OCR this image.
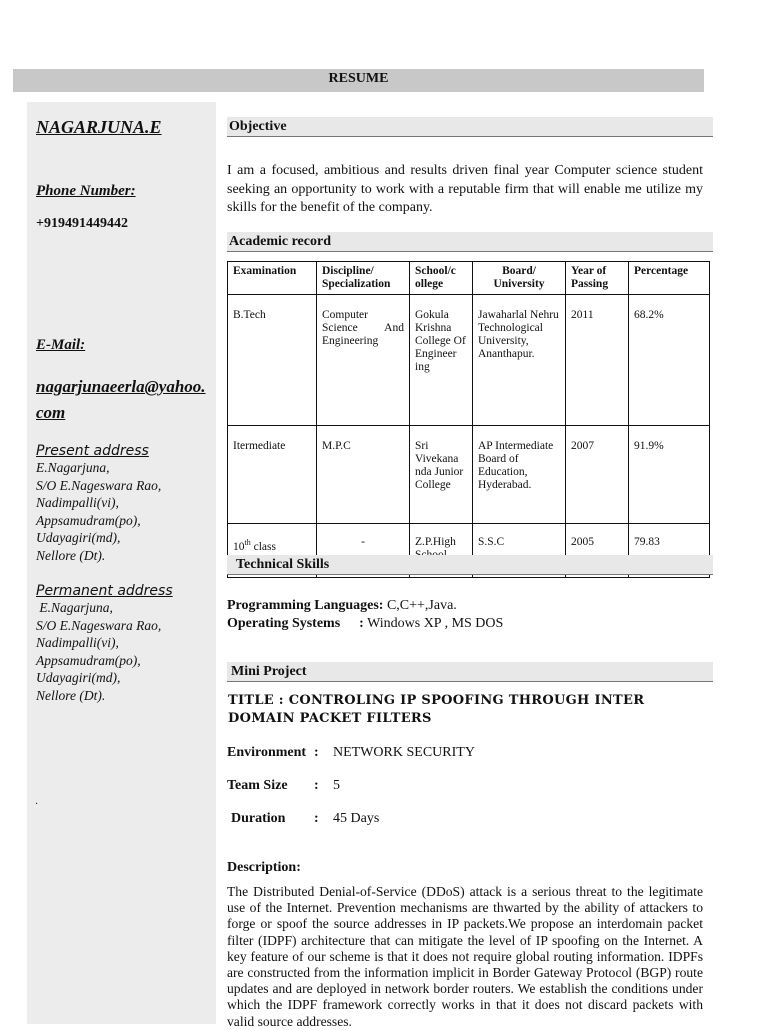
RESUME
NAGARJUNA.E
Phone Number:
+919491449442
E-Mail:
nagarjunaeerla@yahoo.com
Present address
E.Nagarjuna,
S/O E.Nageswara Rao,
Nadimpalli(vi),
Appsamudram(po),
Udayagiri(md),
Nellore (Dt).
Permanent address
E.Nagarjuna,
S/O E.Nageswara Rao,
Nadimpalli(vi),
Appsamudram(po),
Udayagiri(md),
Nellore (Dt).
.
Objective

I am a focused, ambitious and results driven final year Computer science student seeking an opportunity to work with a reputable firm that will enable me utilize my skills for the benefit of the company.

Academic record
Examination	Discipline/ Specialization	School/c ollege	Board/ University	Year of Passing	Percentage
B.Tech	Computer Science And Engineering	Gokula Krishna College Of Engineer ing	Jawaharlal Nehru Technological University, Ananthapur.	2011	68.2%
Itermediate	M.P.C	Sri Vivekana nda Junior College	AP Intermediate Board of Education, Hyderabad.	2007	91.9%
10th class	-	Z.P.High	S.S.C	2005	79.83
Technical Skills
Programming Languages: C,C++,Java.
Operating Systems : Windows XP , MS DOS
Mini Project
TITLE : CONTROLING IP SPOOFING THROUGH INTER DOMAIN PACKET FILTERS
Environment : NETWORK SECURITY
Team Size : 5
Duration : 45 Days
Description:

The Distributed Denial-of-Service (DDoS) attack is a serious threat to the legitimate use of the Internet. Prevention mechanisms are thwarted by the ability of attackers to forge or spoof the source addresses in IP packets.We propose an interdomain packet filter (IDPF) architecture that can mitigate the level of IP spoofing on the Internet. A key feature of our scheme is that it does not require global routing information. IDPFs are constructed from the information implicit in Border Gateway Protocol (BGP) route updates and are deployed in network border routers. We establish the conditions under which the IDPF framework correctly works in that it does not discard packets with valid source addresses.
